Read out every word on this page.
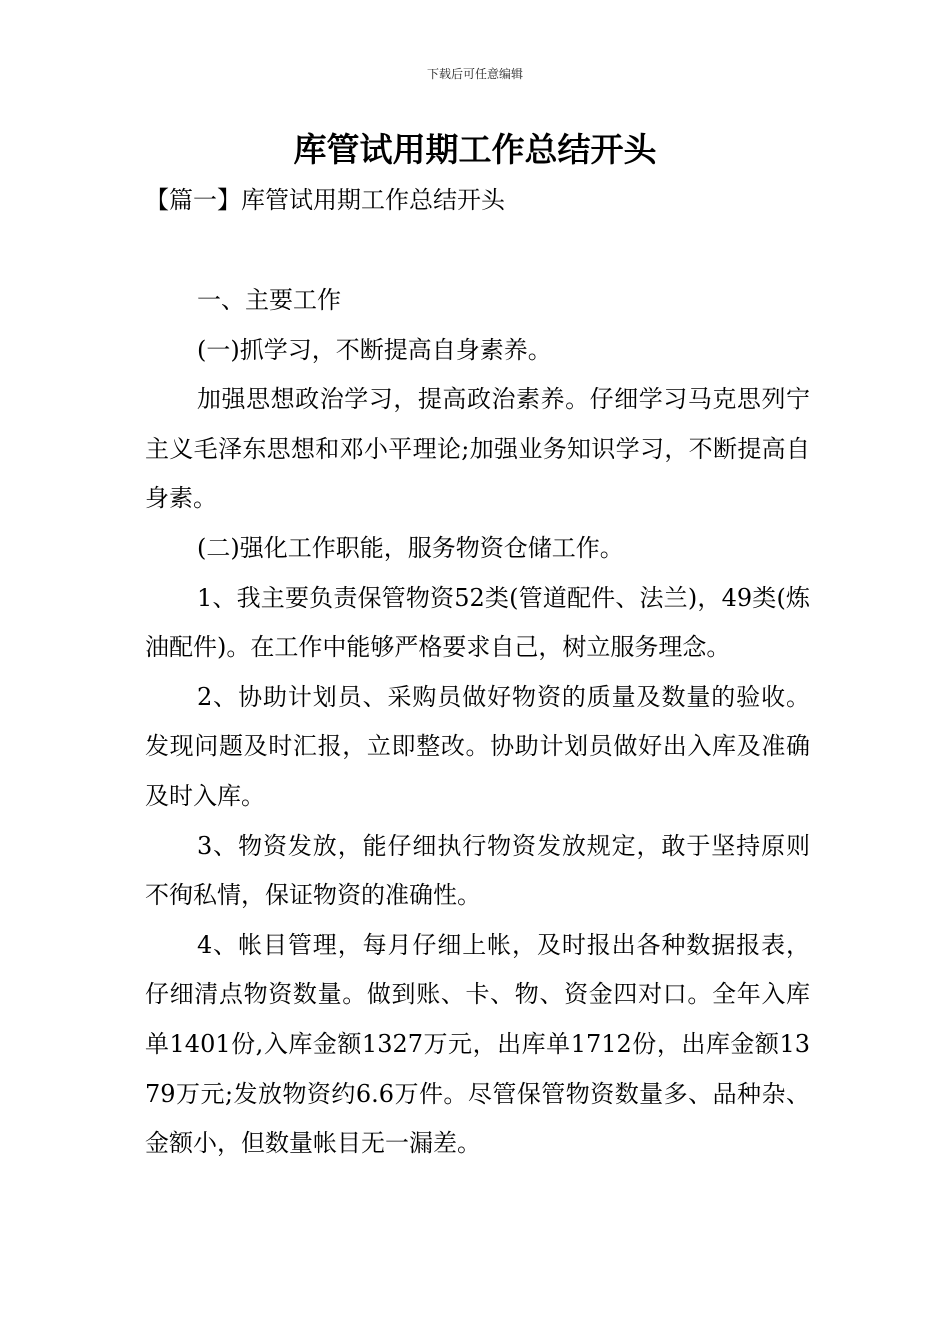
下载后可任意编辑
库管试用期工作总结开头
【篇一】库管试用期工作总结开头

一、主要工作

(一)抓学习，不断提高自身素养。

加强思想政治学习，提高政治素养。仔细学习马克思列宁主义毛泽东思想和邓小平理论;加强业务知识学习，不断提高自身素。

(二)强化工作职能，服务物资仓储工作。

1、我主要负责保管物资52类(管道配件、法兰)，49类(炼油配件)。在工作中能够严格要求自己，树立服务理念。

2、协助计划员、采购员做好物资的质量及数量的验收。发现问题及时汇报，立即整改。协助计划员做好出入库及准确及时入库。

3、物资发放，能仔细执行物资发放规定，敢于坚持原则不徇私情，保证物资的准确性。

4、帐目管理，每月仔细上帐，及时报出各种数据报表，仔细清点物资数量。做到账、卡、物、资金四对口。全年入库单1401份,入库金额1327万元，出库单1712份，出库金额1379万元;发放物资约6.6万件。尽管保管物资数量多、品种杂、金额小，但数量帐目无一漏差。
